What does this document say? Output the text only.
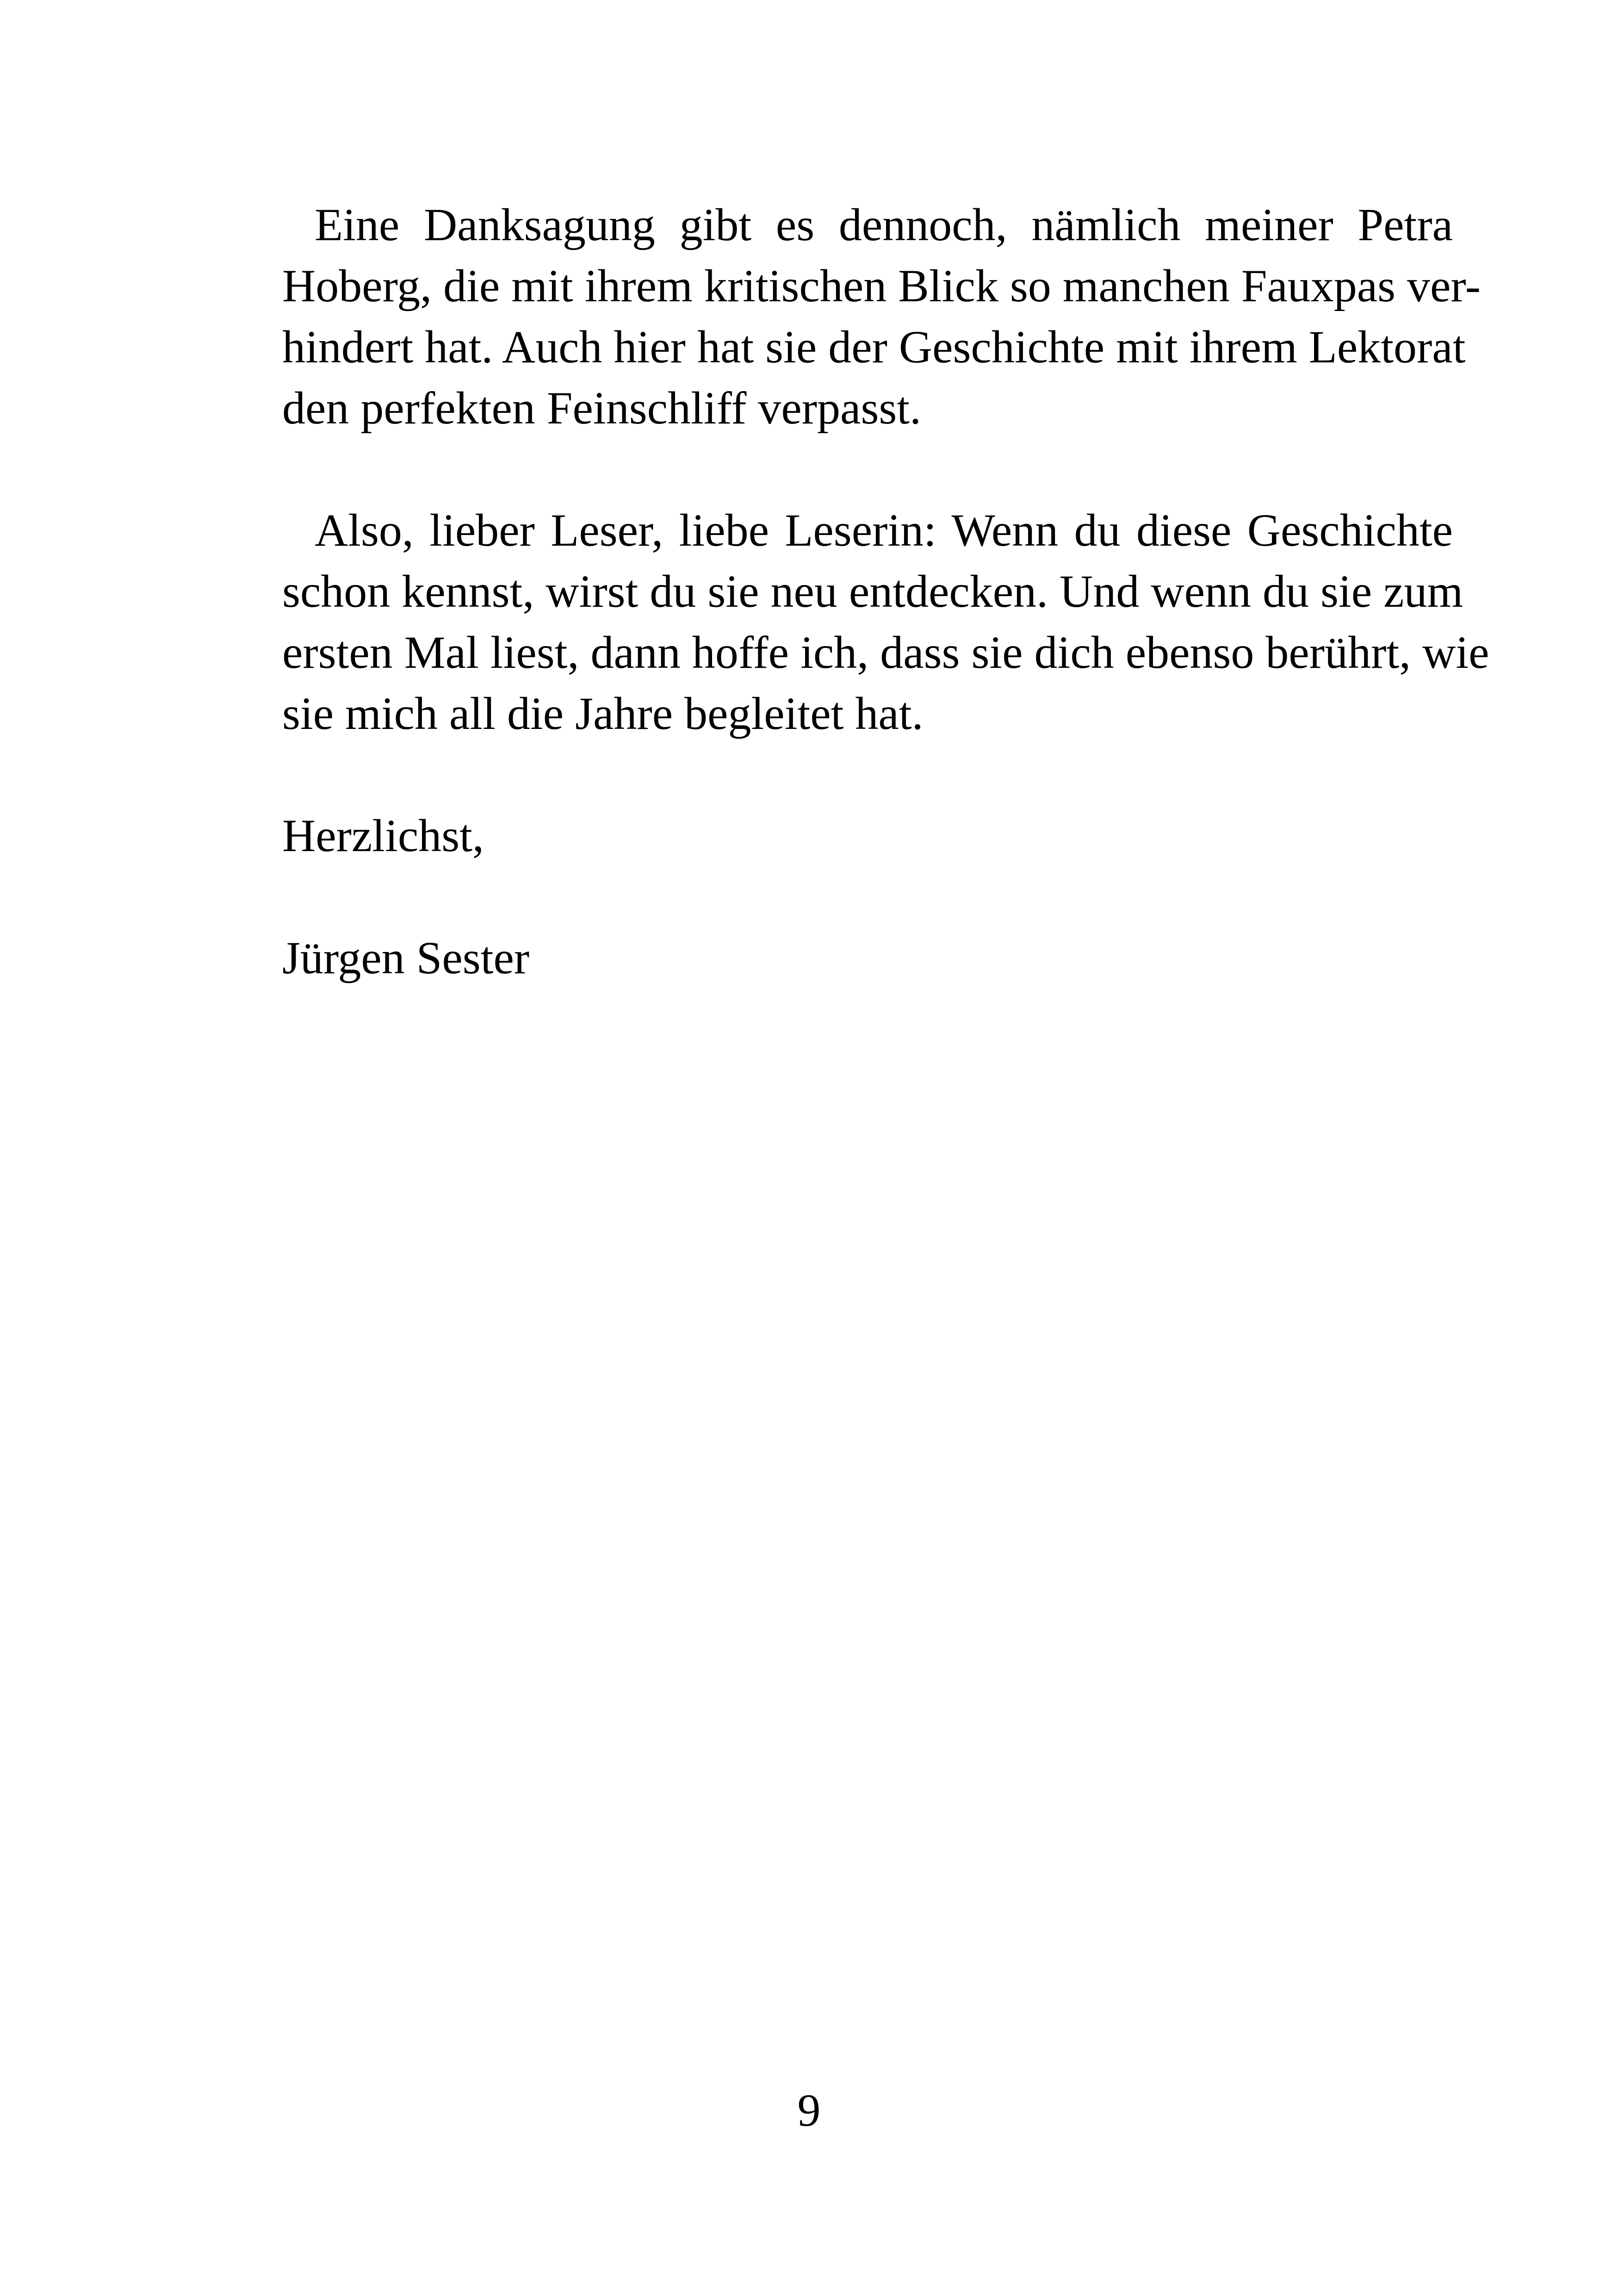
Eine Danksagung gibt es dennoch, nämlich meiner Petra
Hoberg, die mit ihrem kritischen Blick so manchen Fauxpas ver-
hindert hat. Auch hier hat sie der Geschichte mit ihrem Lektorat
den perfekten Feinschliff verpasst.
Also, lieber Leser, liebe Leserin: Wenn du diese Geschichte
schon kennst, wirst du sie neu entdecken. Und wenn du sie zum
ersten Mal liest, dann hoffe ich, dass sie dich ebenso berührt, wie
sie mich all die Jahre begleitet hat.
Herzlichst,
Jürgen Sester
9
